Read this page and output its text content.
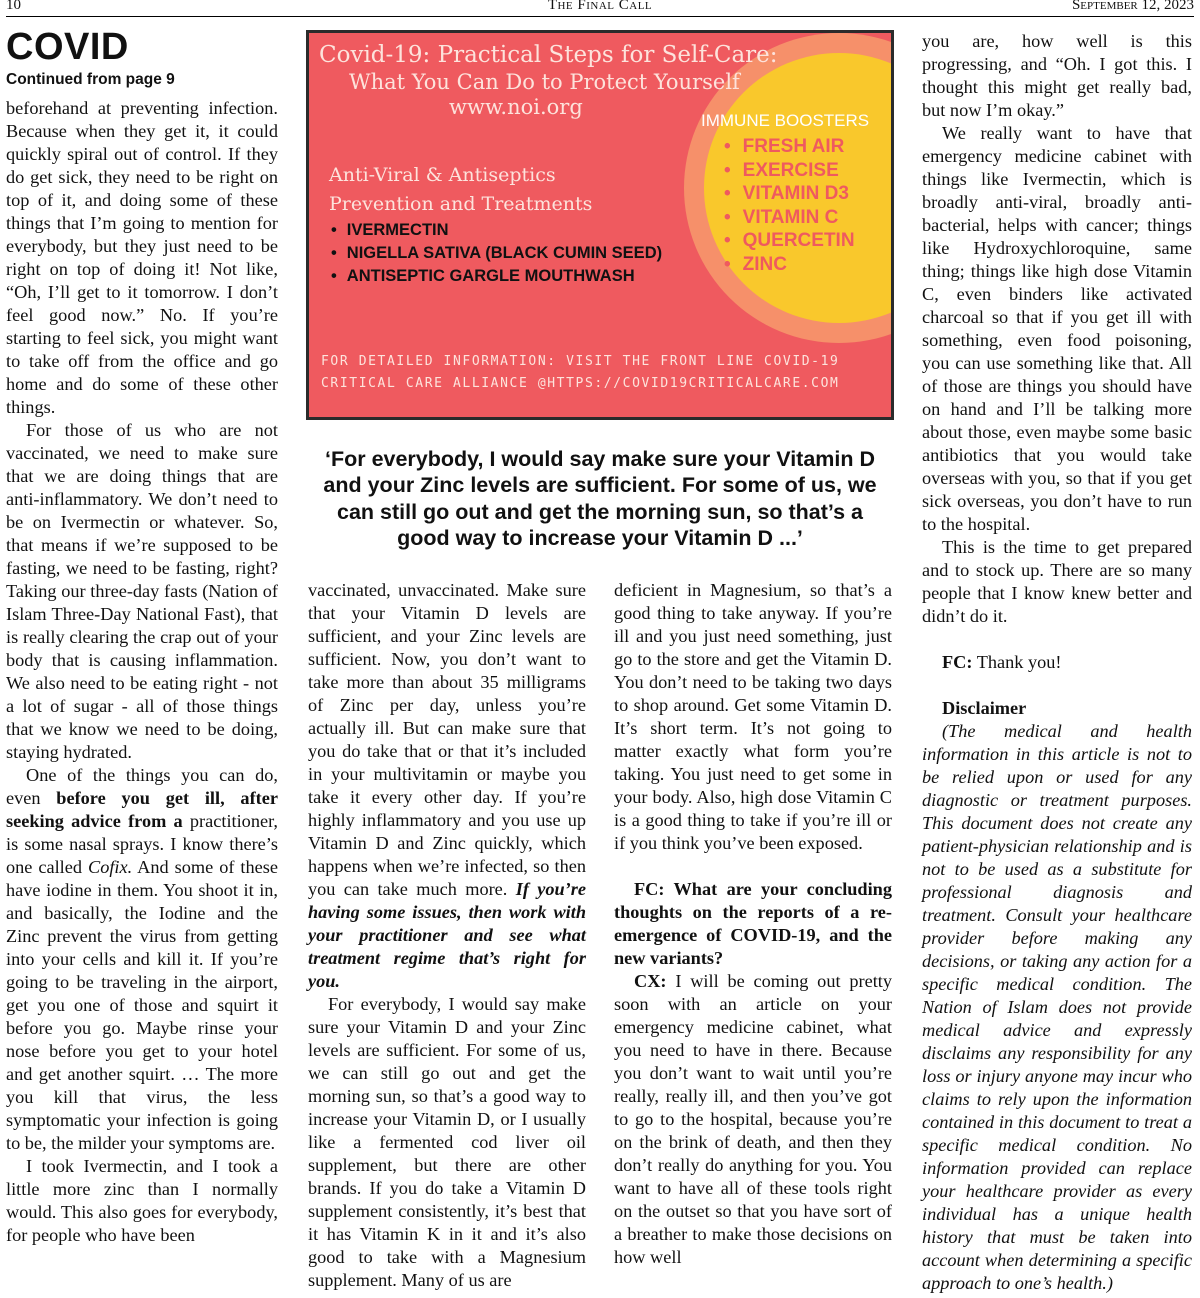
10	The Final Call	September 12, 2023
COVID
Continued from page 9

beforehand at preventing infection. Because when they get it, it could quickly spiral out of control. If they do get sick, they need to be right on top of it, and doing some of these things that I’m going to mention for everybody, but they just need to be right on top of doing it! Not like, “Oh, I’ll get to it tomorrow. I don’t feel good now.” No. If you’re starting to feel sick, you might want to take off from the office and go home and do some of these other things.

For those of us who are not vaccinated, we need to make sure that we are doing things that are anti-inflammatory. We don’t need to be on Ivermectin or whatever. So, that means if we’re supposed to be fasting, we need to be fasting, right? Taking our three-day fasts (Nation of Islam Three-Day National Fast), that is really clearing the crap out of your body that is causing inflammation. We also need to be eating right - not a lot of sugar - all of those things that we know we need to be doing, staying hydrated.

One of the things you can do, even before you get ill, after seeking advice from a practitioner, is some nasal sprays. I know there’s one called Cofix. And some of these have iodine in them. You shoot it in, and basically, the Iodine and the Zinc prevent the virus from getting into your cells and kill it. If you’re going to be traveling in the airport, get you one of those and squirt it before you go. Maybe rinse your nose before you get to your hotel and get another squirt. … The more you kill that virus, the less symptomatic your infection is going to be, the milder your symptoms are.

I took Ivermectin, and I took a little more zinc than I normally would. This also goes for everybody, for people who have been

Covid-19: Practical Steps for Self-Care:
What You Can Do to Protect Yourself
www.noi.org
Anti-Viral & Antiseptics
Prevention and Treatments
• IVERMECTIN
• NIGELLA SATIVA (BLACK CUMIN SEED)
• ANTISEPTIC GARGLE MOUTHWASH
IMMUNE BOOSTERS
• FRESH AIR
• EXERCISE
• VITAMIN D3
• VITAMIN C
• QUERCETIN
• ZINC
FOR DETAILED INFORMATION: VISIT THE FRONT LINE COVID-19
CRITICAL CARE ALLIANCE @HTTPS://COVID19CRITICALCARE.COM
‘For everybody, I would say make sure your Vitamin D and your Zinc levels are sufficient. For some of us, we can still go out and get the morning sun, so that’s a good way to increase your Vitamin D ...’

vaccinated, unvaccinated. Make sure that your Vitamin D levels are sufficient, and your Zinc levels are sufficient. Now, you don’t want to take more than about 35 milligrams of Zinc per day, unless you’re actually ill. But can make sure that you do take that or that it’s included in your multivitamin or maybe you take it every other day. If you’re highly inflammatory and you use up Vitamin D and Zinc quickly, which happens when we’re infected, so then you can take much more. If you’re having some issues, then work with your practitioner and see what treatment regime that’s right for you.

For everybody, I would say make sure your Vitamin D and your Zinc levels are sufficient. For some of us, we can still go out and get the morning sun, so that’s a good way to increase your Vitamin D, or I usually like a fermented cod liver oil supplement, but there are other brands. If you do take a Vitamin D supplement consistently, it’s best that it has Vitamin K in it and it’s also good to take with a Magnesium supplement. Many of us are

deficient in Magnesium, so that’s a good thing to take anyway. If you’re ill and you just need something, just go to the store and get the Vitamin D. You don’t need to be taking two days to shop around. Get some Vitamin D. It’s short term. It’s not going to matter exactly what form you’re taking. You just need to get some in your body. Also, high dose Vitamin C is a good thing to take if you’re ill or if you think you’ve been exposed.

FC: What are your concluding thoughts on the reports of a re-emergence of COVID-19, and the new variants?

CX: I will be coming out pretty soon with an article on your emergency medicine cabinet, what you need to have in there. Because you don’t want to wait until you’re really, really ill, and then you’ve got to go to the hospital, because you’re on the brink of death, and then they don’t really do anything for you. You want to have all of these tools right on the outset so that you have sort of a breather to make those decisions on how well

you are, how well is this progressing, and “Oh. I got this. I thought this might get really bad, but now I’m okay.”

We really want to have that emergency medicine cabinet with things like Ivermectin, which is broadly anti-viral, broadly anti-bacterial, helps with cancer; things like Hydroxychloroquine, same thing; things like high dose Vitamin C, even binders like activated charcoal so that if you get ill with something, even food poisoning, you can use something like that. All of those are things you should have on hand and I’ll be talking more about those, even maybe some basic antibiotics that you would take overseas with you, so that if you get sick overseas, you don’t have to run to the hospital.

This is the time to get prepared and to stock up. There are so many people that I know knew better and didn’t do it.

FC: Thank you!

Disclaimer

(The medical and health information in this article is not to be relied upon or used for any diagnostic or treatment purposes. This document does not create any patient-physician relationship and is not to be used as a substitute for professional diagnosis and treatment. Consult your healthcare provider before making any decisions, or taking any action for a specific medical condition. The Nation of Islam does not provide medical advice and expressly disclaims any responsibility for any loss or injury anyone may incur who claims to rely upon the information contained in this document to treat a specific medical condition. No information provided can replace your healthcare provider as every individual has a unique health history that must be taken into account when determining a specific approach to one’s health.)
